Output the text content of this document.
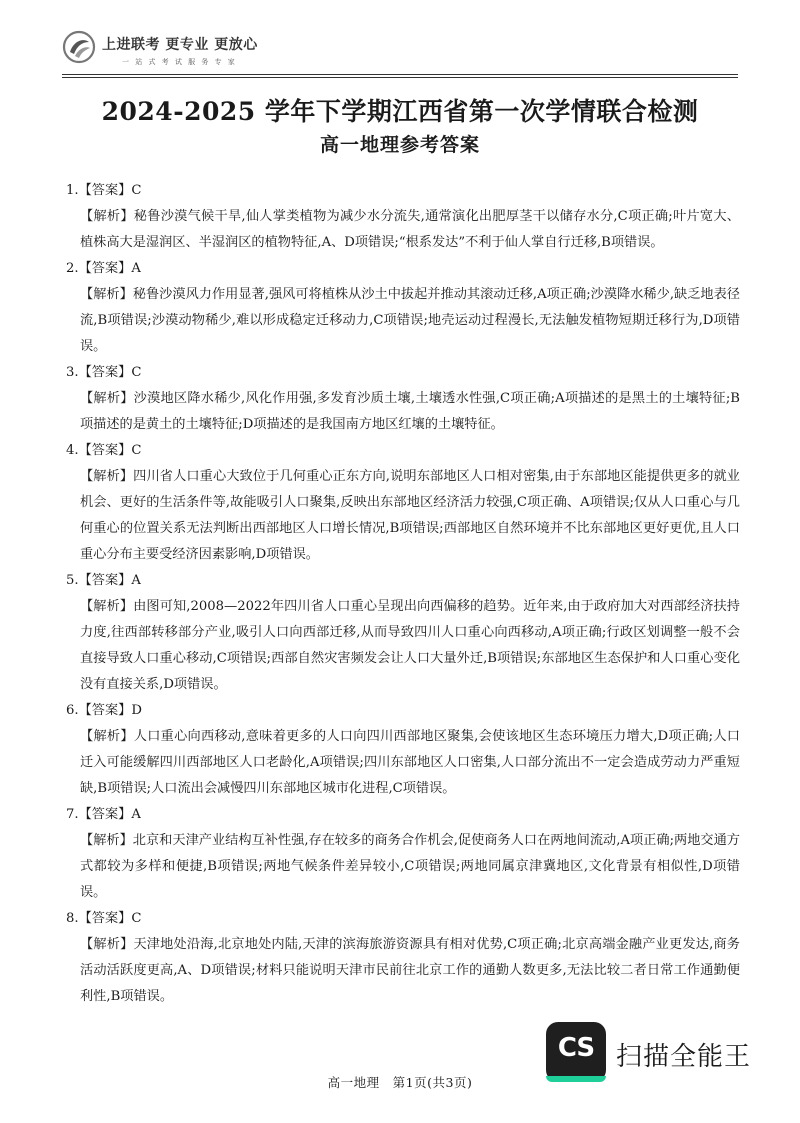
上进联考 更专业 更放心
一 站 式 考 试 服 务 专 家
2024-2025 学年下学期江西省第一次学情联合检测
高一地理参考答案
1.【答案】C
【解析】秘鲁沙漠气候干旱,仙人掌类植物为减少水分流失,通常演化出肥厚茎干以储存水分,C项正确;叶片宽大、植株高大是湿润区、半湿润区的植物特征,A、D项错误;“根系发达”不利于仙人掌自行迁移,B项错误。
2.【答案】A
【解析】秘鲁沙漠风力作用显著,强风可将植株从沙土中拔起并推动其滚动迁移,A项正确;沙漠降水稀少,缺乏地表径流,B项错误;沙漠动物稀少,难以形成稳定迁移动力,C项错误;地壳运动过程漫长,无法触发植物短期迁移行为,D项错误。
3.【答案】C
【解析】沙漠地区降水稀少,风化作用强,多发育沙质土壤,土壤透水性强,C项正确;A项描述的是黑土的土壤特征;B项描述的是黄土的土壤特征;D项描述的是我国南方地区红壤的土壤特征。
4.【答案】C
【解析】四川省人口重心大致位于几何重心正东方向,说明东部地区人口相对密集,由于东部地区能提供更多的就业机会、更好的生活条件等,故能吸引人口聚集,反映出东部地区经济活力较强,C项正确、A项错误;仅从人口重心与几何重心的位置关系无法判断出西部地区人口增长情况,B项错误;西部地区自然环境并不比东部地区更好更优,且人口重心分布主要受经济因素影响,D项错误。
5.【答案】A
【解析】由图可知,2008—2022年四川省人口重心呈现出向西偏移的趋势。近年来,由于政府加大对西部经济扶持力度,往西部转移部分产业,吸引人口向西部迁移,从而导致四川人口重心向西移动,A项正确;行政区划调整一般不会直接导致人口重心移动,C项错误;西部自然灾害频发会让人口大量外迁,B项错误;东部地区生态保护和人口重心变化没有直接关系,D项错误。
6.【答案】D
【解析】人口重心向西移动,意味着更多的人口向四川西部地区聚集,会使该地区生态环境压力增大,D项正确;人口迁入可能缓解四川西部地区人口老龄化,A项错误;四川东部地区人口密集,人口部分流出不一定会造成劳动力严重短缺,B项错误;人口流出会减慢四川东部地区城市化进程,C项错误。
7.【答案】A
【解析】北京和天津产业结构互补性强,存在较多的商务合作机会,促使商务人口在两地间流动,A项正确;两地交通方式都较为多样和便捷,B项错误;两地气候条件差异较小,C项错误;两地同属京津冀地区,文化背景有相似性,D项错误。
8.【答案】C
【解析】天津地处沿海,北京地处内陆,天津的滨海旅游资源具有相对优势,C项正确;北京高端金融产业更发达,商务活动活跃度更高,A、D项错误;材料只能说明天津市民前往北京工作的通勤人数更多,无法比较二者日常工作通勤便利性,B项错误。
高一地理　第1页(共3页)
CS 扫描全能王
